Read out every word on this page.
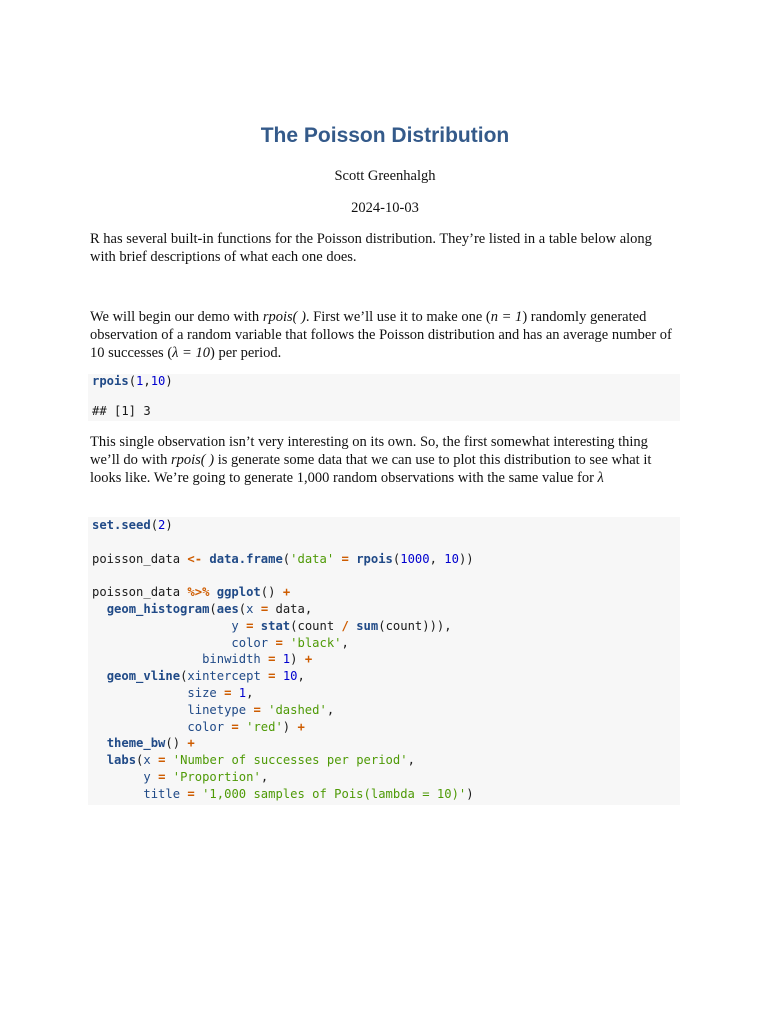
The Poisson Distribution
Scott Greenhalgh
2024-10-03

R has several built-in functions for the Poisson distribution. They’re listed in a table below along with brief descriptions of what each one does.

We will begin our demo with rpois( ). First we’ll use it to make one (n = 1) randomly generated observation of a random variable that follows the Poisson distribution and has an average number of 10 successes (λ = 10) per period.

rpois(1,10)
## [1] 3

This single observation isn’t very interesting on its own. So, the first somewhat interesting thing we’ll do with rpois( ) is generate some data that we can use to plot this distribution to see what it looks like. We’re going to generate 1,000 random observations with the same value for λ

set.seed(2)

poisson_data <- data.frame('data' = rpois(1000, 10))

poisson_data %>% ggplot() +
geom_histogram(aes(x = data,
y = stat(count / sum(count))),
color = 'black',
binwidth = 1) +
geom_vline(xintercept = 10,
size = 1,
linetype = 'dashed',
color = 'red') +
theme_bw() +
labs(x = 'Number of successes per period',
y = 'Proportion',
title = '1,000 samples of Pois(lambda = 10)')
